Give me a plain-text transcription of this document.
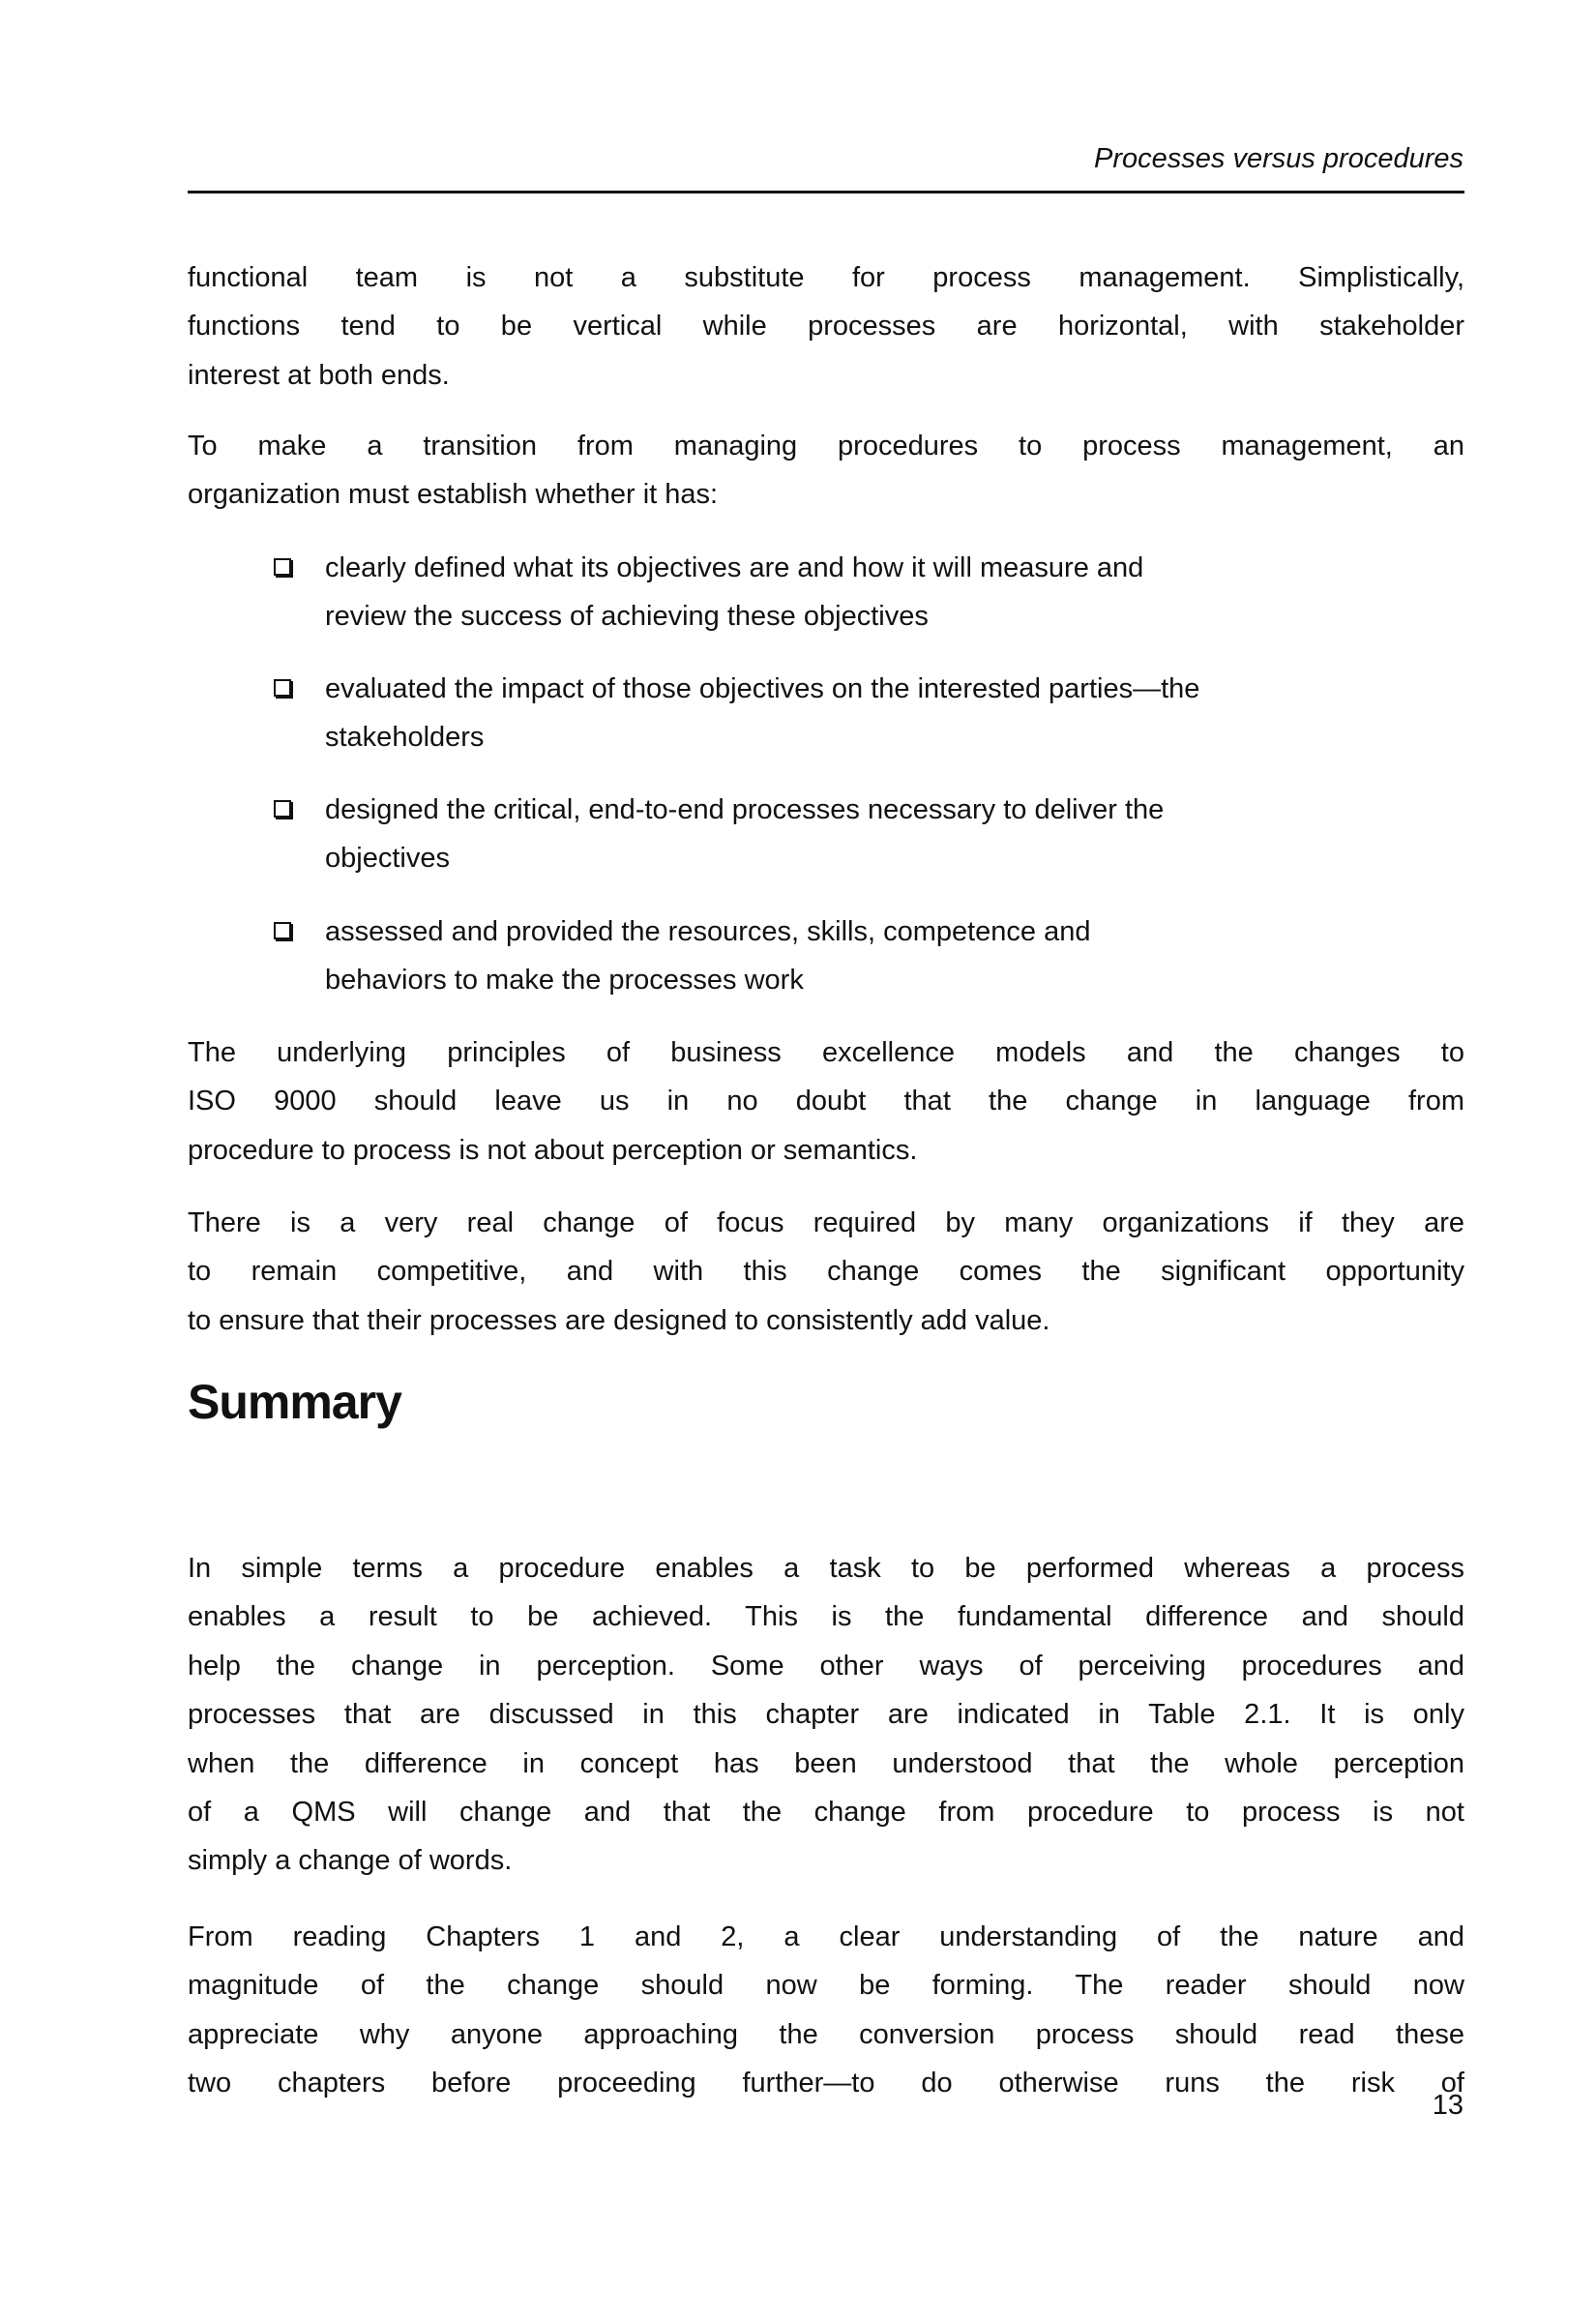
Processes versus procedures
functional team is not a substitute for process management. Simplistically,
functions tend to be vertical while processes are horizontal, with stakeholder
interest at both ends.
To make a transition from managing procedures to process management, an
organization must establish whether it has:
clearly defined what its objectives are and how it will measure and
review the success of achieving these objectives
evaluated the impact of those objectives on the interested parties—the
stakeholders
designed the critical, end-to-end processes necessary to deliver the
objectives
assessed and provided the resources, skills, competence and
behaviors to make the processes work
The underlying principles of business excellence models and the changes to
ISO 9000 should leave us in no doubt that the change in language from
procedure to process is not about perception or semantics.
There is a very real change of focus required by many organizations if they are
to remain competitive, and with this change comes the significant opportunity
to ensure that their processes are designed to consistently add value.
Summary
In simple terms a procedure enables a task to be performed whereas a process
enables a result to be achieved. This is the fundamental difference and should
help the change in perception. Some other ways of perceiving procedures and
processes that are discussed in this chapter are indicated in Table 2.1. It is only
when the difference in concept has been understood that the whole perception
of a QMS will change and that the change from procedure to process is not
simply a change of words.
From reading Chapters 1 and 2, a clear understanding of the nature and
magnitude of the change should now be forming. The reader should now
appreciate why anyone approaching the conversion process should read these
two chapters before proceeding further—to do otherwise runs the risk of
13
